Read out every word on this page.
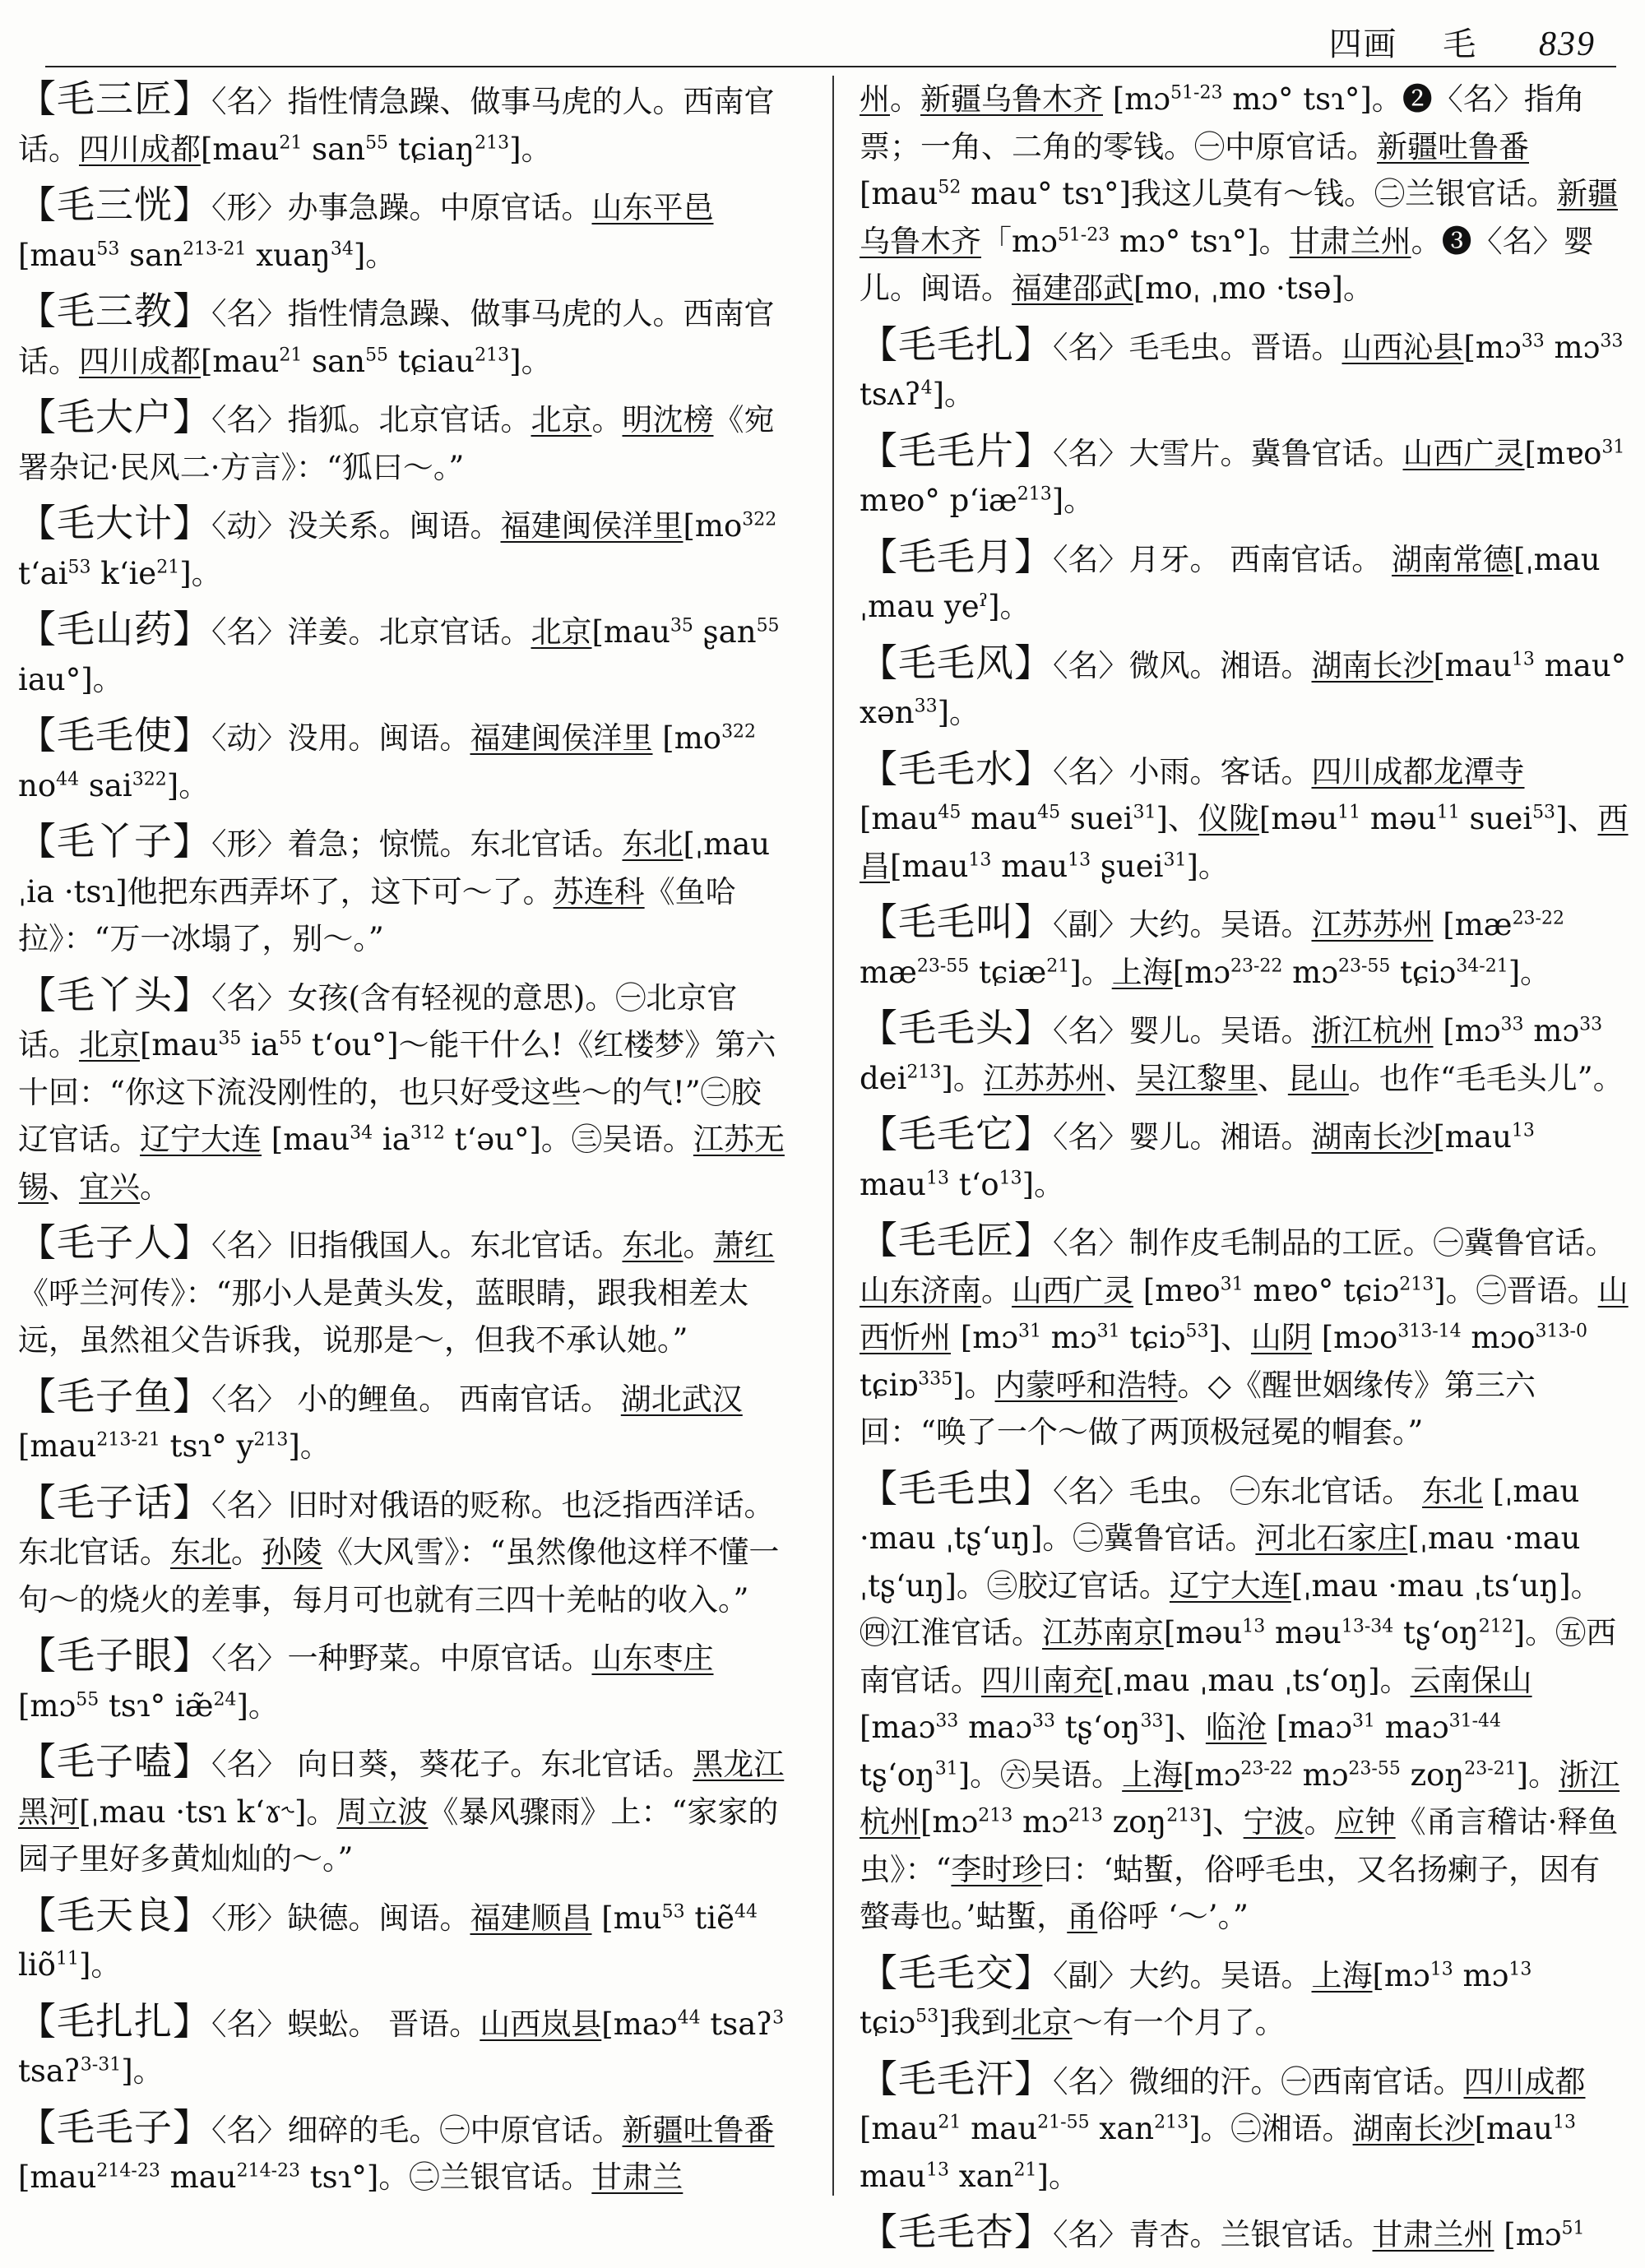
四画 毛 839

【毛三匠】〈名〉指性情急躁、做事马虎的人。西南官话。四川成都[mau$^{21}$ san$^{55}$ tɕiaŋ$^{213}$]。

【毛三恍】〈形〉办事急躁。中原官话。山东平邑[mau$^{53}$ san$^{213-21}$ xuaŋ$^{34}$]。

【毛三教】〈名〉指性情急躁、做事马虎的人。西南官话。四川成都[mau$^{21}$ san$^{55}$ tɕiau$^{213}$]。

【毛大户】〈名〉指狐。北京官话。北京。明沈榜《宛署杂记·民风二·方言》：“狐曰～。”

【毛大计】〈动〉没关系。闽语。福建闽侯洋里[$mo^{322}$ $t‘ai^{53}$ $k‘ie^{21}$]。

【毛山药】〈名〉洋姜。北京官话。北京[mau$^{35}$ ʂan$^{55}$ iau°]。

【毛毛使】〈动〉没用。闽语。福建闽侯洋里 [$mo^{322}$ $no^{44}$ sai$^{322}$]。

【毛丫子】〈形〉着急；惊慌。东北官话。东北[ˌmau ˌia ·tsɿ]他把东西弄坏了，这下可～了。苏连科《鱼哈拉》：“万一冰塌了，别～。”

【毛丫头】〈名〉女孩(含有轻视的意思)。㊀北京官话。北京[mau$^{35}$ $ia^{55}$ t‘ou°]～能干什么!《红楼梦》第六十回：“你这下流没刚性的，也只好受这些～的气!”㊁胶辽官话。辽宁大连 [mau$^{34}$ $ia^{312}$ t‘əu°]。㊂吴语。江苏无锡、宜兴。

【毛子人】〈名〉旧指俄国人。东北官话。东北。萧红《呼兰河传》：“那小人是黄头发，蓝眼睛，跟我相差太远，虽然祖父告诉我，说那是～，但我不承认她。”

【毛子鱼】〈名〉 小的鲤鱼。 西南官话。 湖北武汉[mau$^{213-21}$ tsɿ° $y^{213}$]。

【毛子话】〈名〉旧时对俄语的贬称。也泛指西洋话。东北官话。东北。孙陵《大风雪》：“虽然像他这样不懂一句～的烧火的差事，每月可也就有三四十羌帖的收入。”

【毛子眼】〈名〉一种野菜。中原官话。山东枣庄 [mɔ$^{55}$ tsɿ° iæ̃$^{24}$]。

【毛子嗑】〈名〉 向日葵，葵花子。东北官话。黑龙江黑河[ˌmau ·tsɿ k‘ɤ˞]。周立波《暴风骤雨》上：“家家的园子里好多黄灿灿的～。”

【毛天良】〈形〉缺德。闽语。福建顺昌 [$mu^{53}$ tiẽ$^{44}$ liõ$^{11}$]。

【毛扎扎】〈名〉蜈蚣。 晋语。山西岚县[maɔ$^{44}$ tsaʔ$^3$ tsaʔ$^{3-31}$]。

【毛毛子】〈名〉细碎的毛。㊀中原官话。新疆吐鲁番[mau$^{214-23}$ mau$^{214-23}$ tsɿ°]。㊁兰银官话。甘肃兰

州。新疆乌鲁木齐 [mɔ$^{51-23}$ mɔ° tsɿ°]。❷〈名〉指角票；一角、二角的零钱。㊀中原官话。新疆吐鲁番[mau$^{52}$ mau° tsɿ°]我这儿莫有～钱。㊁兰银官话。新疆乌鲁木齐「mɔ$^{51-23}$ mɔ° tsɿ°]。甘肃兰州。❸〈名〉婴儿。闽语。福建邵武[moˌ ˌmo ·tsə]。

【毛毛扎】〈名〉毛毛虫。晋语。山西沁县[mɔ$^{33}$ mɔ$^{33}$ tsʌʔ$^4$]。

【毛毛片】〈名〉大雪片。冀鲁官话。山西广灵[mɐo$^{31}$ mɐo° $p‘iæ^{213}$]。

【毛毛月】〈名〉月牙。 西南官话。 湖南常德[ˌmau ˌmau yeˀ]。

【毛毛风】〈名〉微风。湘语。湖南长沙[mau$^{13}$ mau° xən$^{33}$]。

【毛毛水】〈名〉小雨。客话。四川成都龙潭寺 [mau$^{45}$ mau$^{45}$ suei$^{31}$]、仪陇[məu$^{11}$ məu$^{11}$ suei$^{53}$]、西昌[mau$^{13}$ mau$^{13}$ ʂuei$^{31}$]。

【毛毛叫】〈副〉大约。吴语。江苏苏州 [$mæ^{23-22}$ $mæ^{23-55}$ tɕiæ$^{21}$]。上海[mɔ$^{23-22}$ mɔ$^{23-55}$ tɕiɔ$^{34-21}$]。

【毛毛头】〈名〉婴儿。吴语。浙江杭州 [mɔ$^{33}$ mɔ$^{33}$ dei$^{213}$]。江苏苏州、吴江黎里、昆山。也作“毛毛头儿”。

【毛毛它】〈名〉婴儿。湘语。湖南长沙[mau$^{13}$ mau$^{13}$ $t‘o^{13}$]。

【毛毛匠】〈名〉制作皮毛制品的工匠。㊀冀鲁官话。山东济南。山西广灵 [mɐo$^{31}$ mɐo° tɕiɔ$^{213}$]。㊁晋语。山西忻州 [mɔ$^{31}$ mɔ$^{31}$ tɕiɔ$^{53}$]、山阴 [mɔo$^{313-14}$ mɔo$^{313-0}$ tɕiɒ$^{335}$]。内蒙呼和浩特。◇《醒世姻缘传》第三六回：“唤了一个～做了两顶极冠冕的帽套。”

【毛毛虫】〈名〉毛虫。 ㊀东北官话。 东北 [ˌmau ·mau ˌtʂ‘uŋ]。㊁冀鲁官话。河北石家庄[ˌmau ·mau ˌtʂ‘uŋ]。㊂胶辽官话。辽宁大连[ˌmau ·mau ˌts‘uŋ]。㊃江淮官话。江苏南京[məu$^{13}$ məu$^{13-34}$ $tʂ‘oŋ^{212}$]。㊄西南官话。四川南充[ˌmau ˌmau ˌts‘oŋ]。云南保山[maɔ$^{33}$ maɔ$^{33}$ $tʂ‘oŋ^{33}$]、临沧 [maɔ$^{31}$ maɔ$^{31-44}$ $tʂ‘oŋ^{31}$]。㊅吴语。上海[mɔ$^{23-22}$ mɔ$^{23-55}$ zoŋ$^{23-21}$]。浙江杭州[mɔ$^{213}$ mɔ$^{213}$ zoŋ$^{213}$]、宁波。应钟《甬言稽诂·释鱼虫》：“李时珍曰：‘蛄蟴，俗呼毛虫，又名扬瘌子，因有螫毒也。’蛄蟴，甬俗呼 ‘～’。”

【毛毛交】〈副〉大约。吴语。上海[mɔ$^{13}$ mɔ$^{13}$ tɕiɔ$^{53}$]我到北京～有一个月了。

【毛毛汗】〈名〉微细的汗。㊀西南官话。四川成都[mau$^{21}$ mau$^{21-55}$ xan$^{213}$]。㊁湘语。湖南长沙[mau$^{13}$ mau$^{13}$ xan$^{21}$]。

【毛毛杏】〈名〉青杏。兰银官话。甘肃兰州 [mɔ$^{51}$
